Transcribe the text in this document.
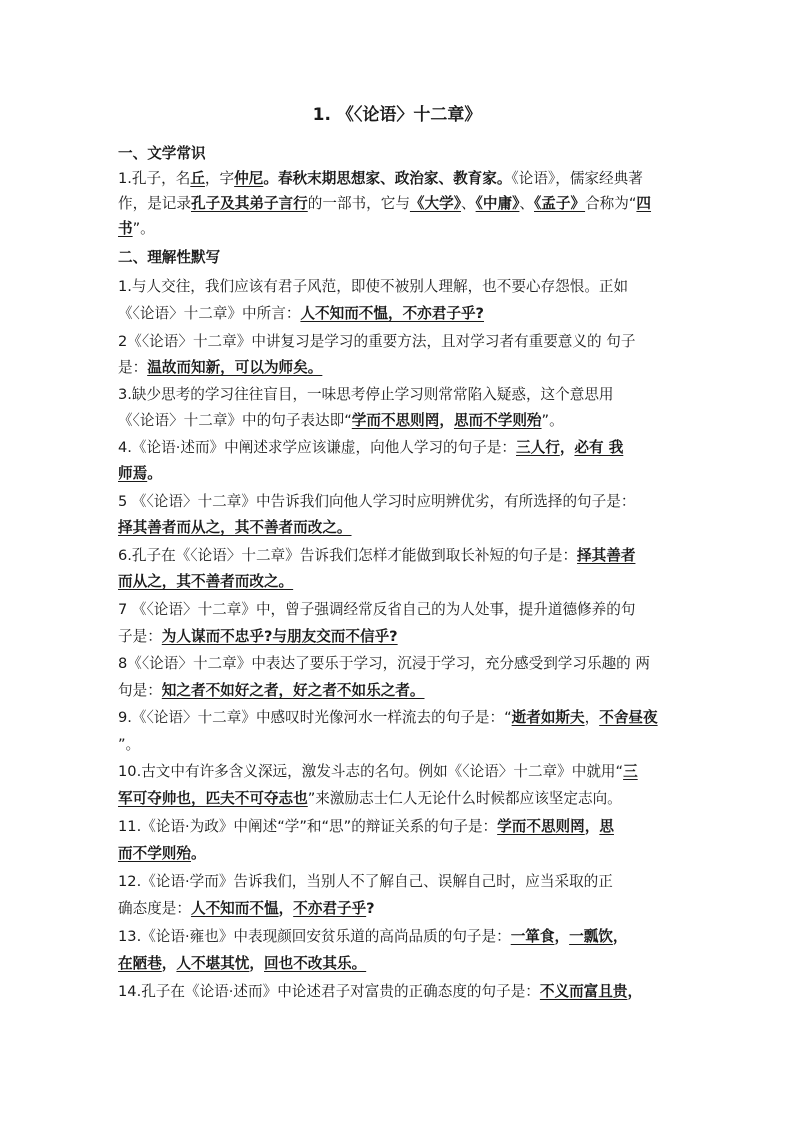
1. 《〈论语〉十二章》
一、文学常识
1.孔子，名丘，字仲尼。春秋末期思想家、政治家、教育家。《论语》，儒家经典著
作，是记录孔子及其弟子言行的一部书，它与《大学》、《中庸》、《孟子》合称为“四
书”。
二、理解性默写
1.与人交往，我们应该有君子风范，即使不被别人理解，也不要心存怨恨。正如
《〈论语〉十二章》中所言：人不知而不愠，不亦君子乎?
2《〈论语〉十二章》中讲复习是学习的重要方法，且对学习者有重要意义的 句子
是：温故而知新，可以为师矣。
3.缺少思考的学习往往盲目，一味思考停止学习则常常陷入疑惑，这个意思用
《〈论语〉十二章》中的句子表达即“学而不思则罔，思而不学则殆”。
4.《论语·述而》中阐述求学应该谦虚，向他人学习的句子是：三人行，必有 我
师焉。
5 《〈论语〉十二章》中告诉我们向他人学习时应明辨优劣，有所选择的句子是：
择其善者而从之，其不善者而改之。
6.孔子在《〈论语〉十二章》告诉我们怎样才能做到取长补短的句子是：择其善者
而从之，其不善者而改之。
7 《〈论语〉十二章》中，曾子强调经常反省自己的为人处事，提升道德修养的句
子是：为人谋而不忠乎?与朋友交而不信乎?
8《〈论语〉十二章》中表达了要乐于学习，沉浸于学习，充分感受到学习乐趣的 两
句是：知之者不如好之者，好之者不如乐之者。
9.《〈论语〉十二章》中感叹时光像河水一样流去的句子是：“逝者如斯夫，不舍昼夜
”。
10.古文中有许多含义深远，激发斗志的名句。例如《〈论语〉十二章》中就用“三
军可夺帅也，匹夫不可夺志也”来激励志士仁人无论什么时候都应该坚定志向。
11.《论语·为政》中阐述“学”和“思”的辩证关系的句子是：学而不思则罔，思
而不学则殆。
12.《论语·学而》告诉我们，当别人不了解自己、误解自己时，应当采取的正
确态度是：人不知而不愠，不亦君子乎?
13.《论语·雍也》中表现颜回安贫乐道的高尚品质的句子是：一箪食，一瓢饮，
在陋巷，人不堪其忧，回也不改其乐。
14.孔子在《论语·述而》中论述君子对富贵的正确态度的句子是：不义而富且贵，
